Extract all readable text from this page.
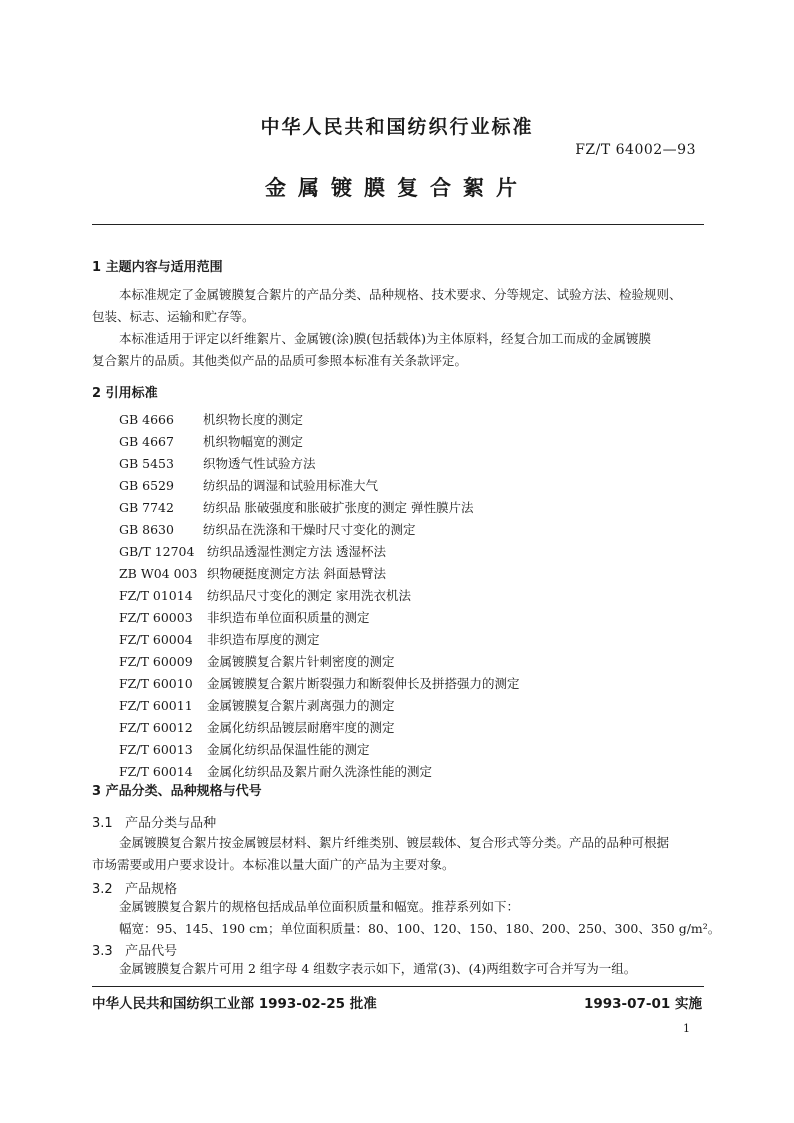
中华人民共和国纺织行业标准
FZ/T 64002—93
金属镀膜复合絮片
1 主题内容与适用范围
本标准规定了金属镀膜复合絮片的产品分类、品种规格、技术要求、分等规定、试验方法、检验规则、
包装、标志、运输和贮存等。
本标准适用于评定以纤维絮片、金属镀(涂)膜(包括载体)为主体原料，经复合加工而成的金属镀膜
复合絮片的品质。其他类似产品的品质可参照本标准有关条款评定。
2 引用标准
GB 4666 机织物长度的测定
GB 4667 机织物幅宽的测定
GB 5453 织物透气性试验方法
GB 6529 纺织品的调湿和试验用标准大气
GB 7742 纺织品 胀破强度和胀破扩张度的测定 弹性膜片法
GB 8630 纺织品在洗涤和干燥时尺寸变化的测定
GB/T 12704 纺织品透湿性测定方法 透湿杯法
ZB W04 003 织物硬挺度测定方法 斜面悬臂法
FZ/T 01014 纺织品尺寸变化的测定 家用洗衣机法
FZ/T 60003 非织造布单位面积质量的测定
FZ/T 60004 非织造布厚度的测定
FZ/T 60009 金属镀膜复合絮片针刺密度的测定
FZ/T 60010 金属镀膜复合絮片断裂强力和断裂伸长及拼搭强力的测定
FZ/T 60011 金属镀膜复合絮片剥离强力的测定
FZ/T 60012 金属化纺织品镀层耐磨牢度的测定
FZ/T 60013 金属化纺织品保温性能的测定
FZ/T 60014 金属化纺织品及絮片耐久洗涤性能的测定
3 产品分类、品种规格与代号
3.1 产品分类与品种
金属镀膜复合絮片按金属镀层材料、絮片纤维类别、镀层载体、复合形式等分类。产品的品种可根据
市场需要或用户要求设计。本标准以量大面广的产品为主要对象。
3.2 产品规格
金属镀膜复合絮片的规格包括成品单位面积质量和幅宽。推荐系列如下：
幅宽：95、145、190 cm；单位面积质量：80、100、120、150、180、200、250、300、350 g/m²。
3.3 产品代号
金属镀膜复合絮片可用 2 组字母 4 组数字表示如下，通常(3)、(4)两组数字可合并写为一组。
中华人民共和国纺织工业部 1993-02-25 批准	1993-07-01 实施
1
